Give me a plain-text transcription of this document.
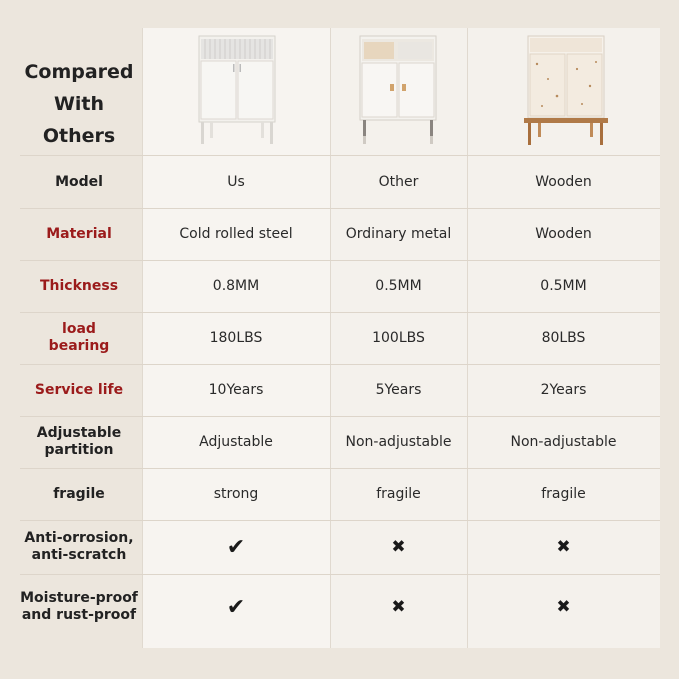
Compared
With Others
Model	Us	Other	Wooden
Material	Cold rolled steel	Ordinary metal	Wooden
Thickness	0.8MM	0.5MM	0.5MM
load
bearing	180LBS	100LBS	80LBS
Service life	10Years	5Years	2Years
Adjustable
partition	Adjustable	Non-adjustable	Non-adjustable
fragile	strong	fragile	fragile
Anti-orrosion,
anti-scratch	✔	✖	✖
Moisture-proof
and rust-proof	✔	✖	✖
